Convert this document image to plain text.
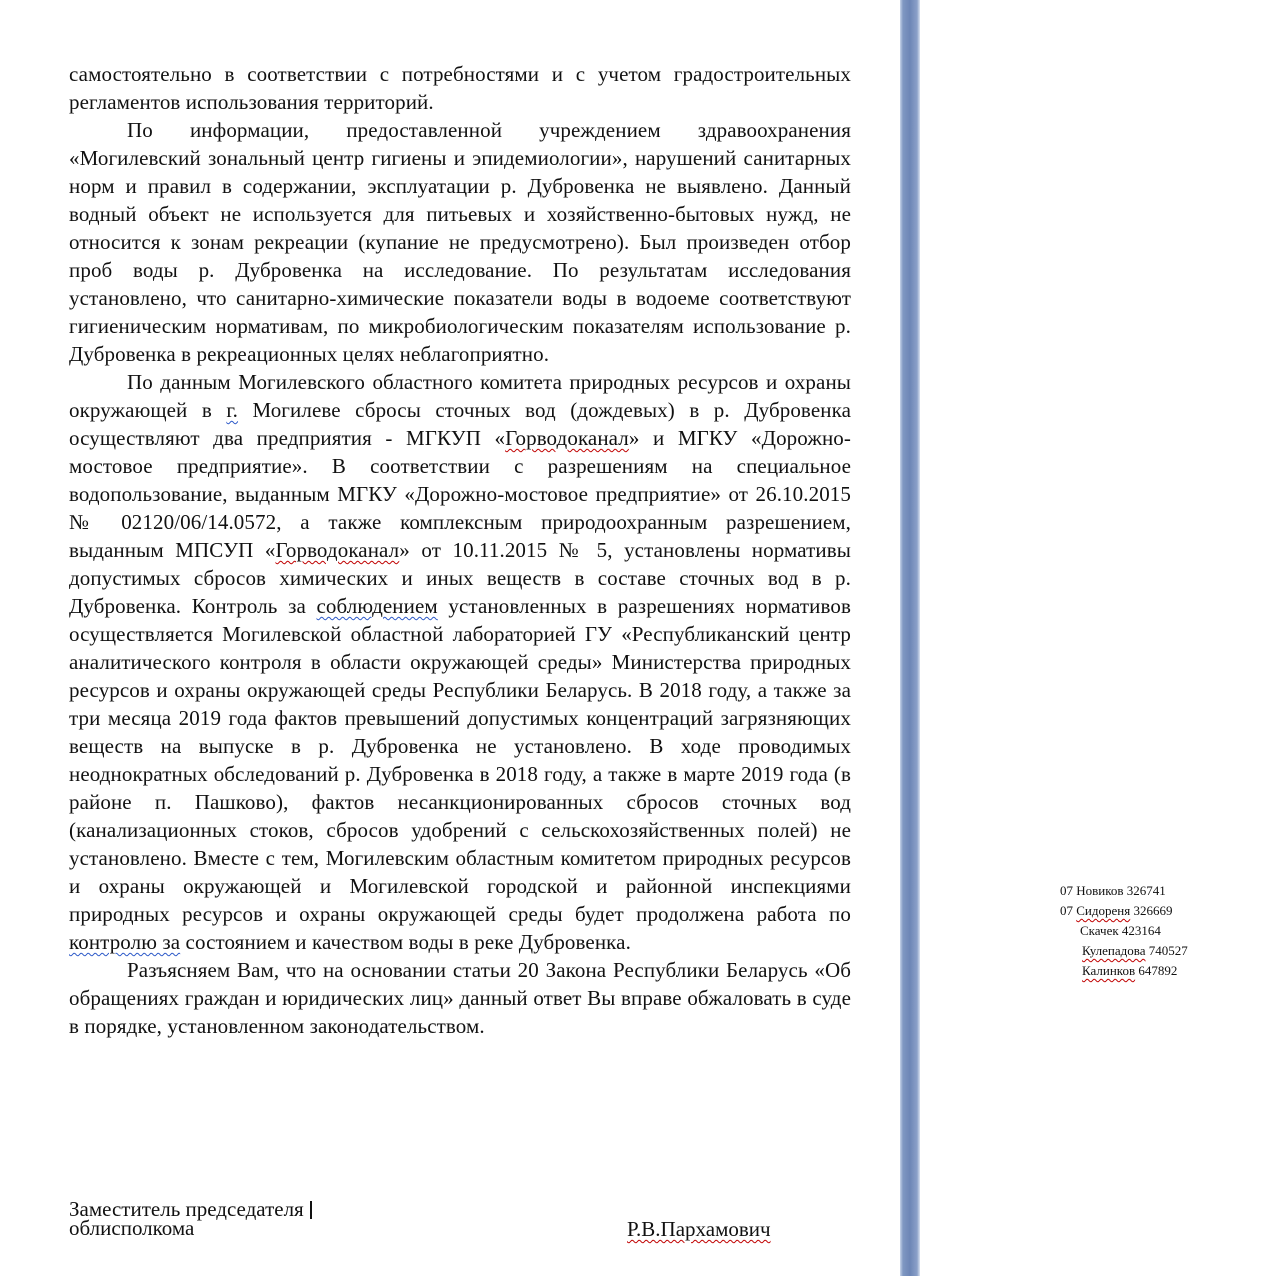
самостоятельно в соответствии с потребностями и с учетом градостроительных регламентов использования территорий.

По информации, предоставленной учреждением здравоохранения «Могилевский зональный центр гигиены и эпидемиологии», нарушений санитарных норм и правил в содержании, эксплуатации р. Дубровенка не выявлено. Данный водный объект не используется для питьевых и хозяйственно-бытовых нужд, не относится к зонам рекреации (купание не предусмотрено). Был произведен отбор проб воды р. Дубровенка на исследование. По результатам исследования установлено, что санитарно-химические показатели воды в водоеме соответствуют гигиеническим нормативам, по микробиологическим показателям использование р. Дубровенка в рекреационных целях неблагоприятно.

По данным Могилевского областного комитета природных ресурсов и охраны окружающей в г. Могилеве сбросы сточных вод (дождевых) в р. Дубровенка осуществляют два предприятия - МГКУП «Горводоканал» и МГКУ «Дорожно-мостовое предприятие». В соответствии с разрешениям на специальное водопользование, выданным МГКУ «Дорожно-мостовое предприятие» от 26.10.2015 № 02120/06/14.0572, а также комплексным природоохранным разрешением, выданным МПСУП «Горводоканал» от 10.11.2015 № 5, установлены нормативы допустимых сбросов химических и иных веществ в составе сточных вод в р. Дубровенка. Контроль за соблюдением установленных в разрешениях нормативов осуществляется Могилевской областной лабораторией ГУ «Республиканский центр аналитического контроля в области окружающей среды» Министерства природных ресурсов и охраны окружающей среды Республики Беларусь. В 2018 году, а также за три месяца 2019 года фактов превышений допустимых концентраций загрязняющих веществ на выпуске в р. Дубровенка не установлено. В ходе проводимых неоднократных обследований р. Дубровенка в 2018 году, а также в марте 2019 года (в районе п. Пашково), фактов несанкционированных сбросов сточных вод (канализационных стоков, сбросов удобрений с сельскохозяйственных полей) не установлено. Вместе с тем, Могилевским областным комитетом природных ресурсов и охраны окружающей и Могилевской городской и районной инспекциями природных ресурсов и охраны окружающей среды будет продолжена работа по контролю за состоянием и качеством воды в реке Дубровенка.

Разъясняем Вам, что на основании статьи 20 Закона Республики Беларусь «Об обращениях граждан и юридических лиц» данный ответ Вы вправе обжаловать в суде в порядке, установленном законодательством.

Заместитель председателя
облисполкома	Р.В.Пархамович
07 Новиков 326741
07 Сидореня 326669
Скачек 423164
Кулепадова 740527
Калинков 647892
